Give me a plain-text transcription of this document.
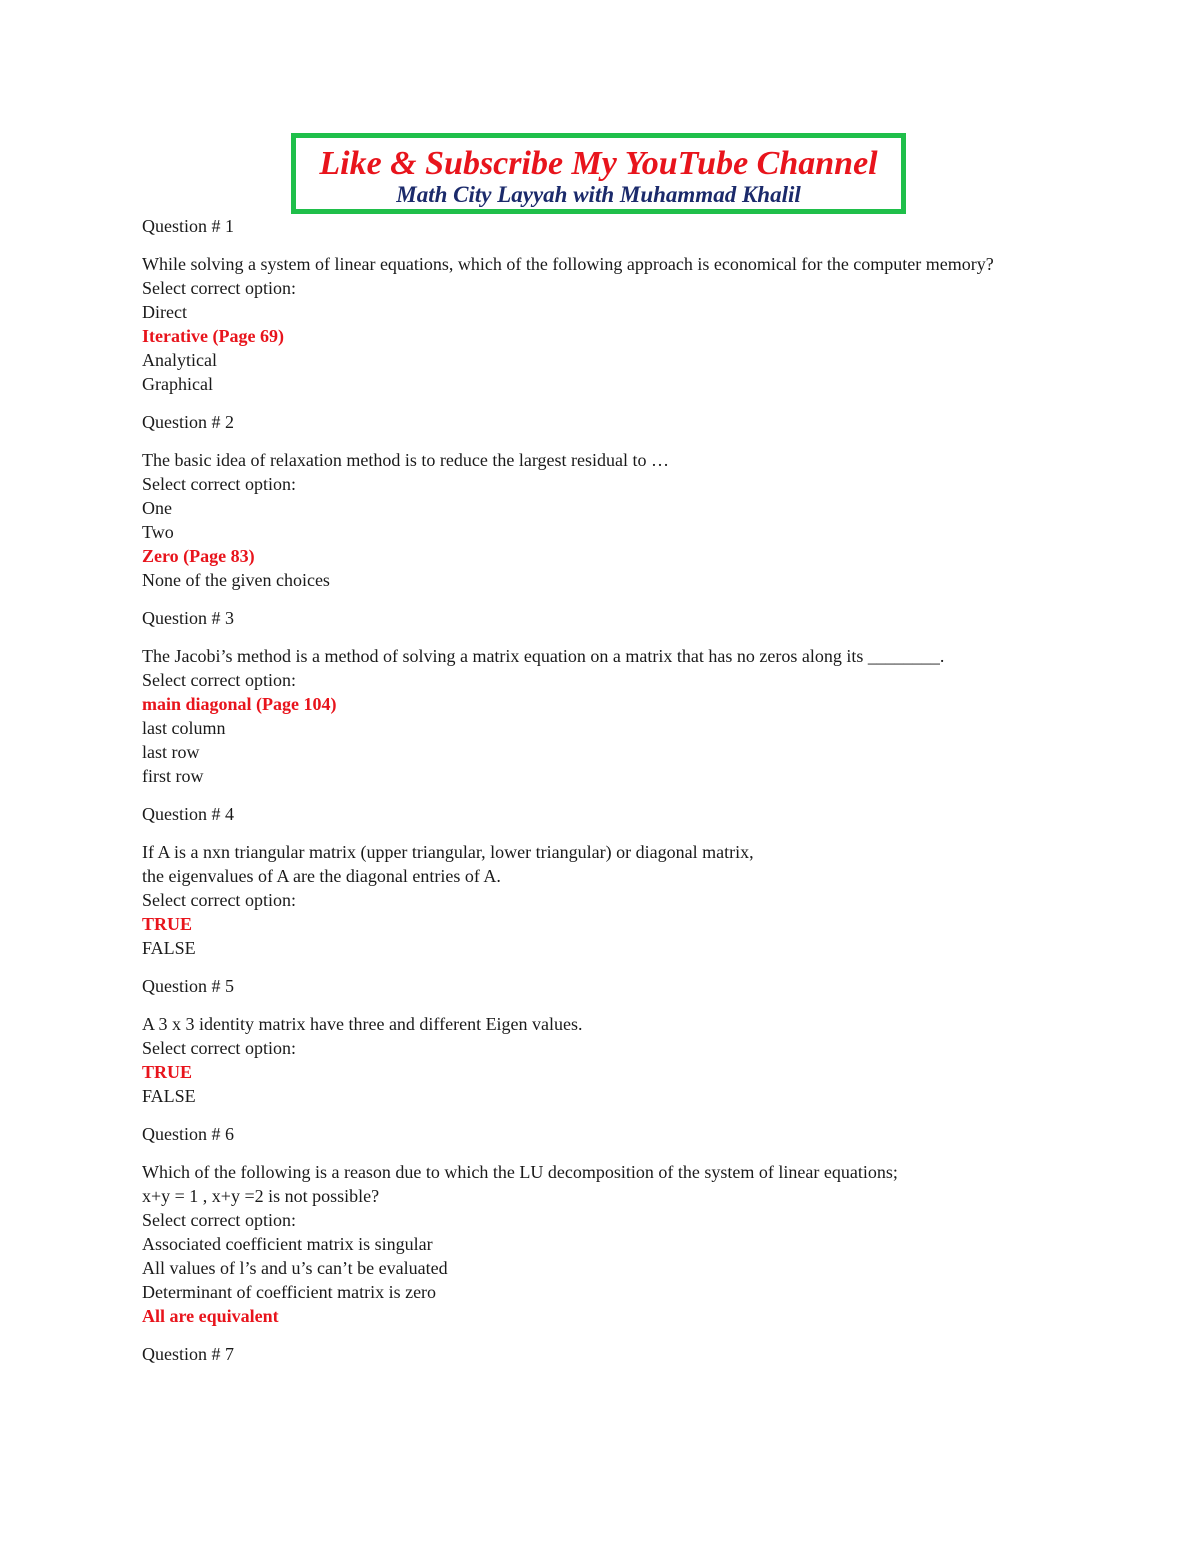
Like & Subscribe My YouTube Channel
Math City Layyah with Muhammad Khalil
Question # 1
While solving a system of linear equations, which of the following approach is economical for the computer memory?
Select correct option:
Direct
Iterative (Page 69)
Analytical
Graphical
Question # 2
The basic idea of relaxation method is to reduce the largest residual to …
Select correct option:
One
Two
Zero (Page 83)
None of the given choices
Question # 3
The Jacobi’s method is a method of solving a matrix equation on a matrix that has no zeros along its ________.
Select correct option:
main diagonal (Page 104)
last column
last row
first row
Question # 4
If A is a nxn triangular matrix (upper triangular, lower triangular) or diagonal matrix,
the eigenvalues of A are the diagonal entries of A.
Select correct option:
TRUE
FALSE
Question # 5
A 3 x 3 identity matrix have three and different Eigen values.
Select correct option:
TRUE
FALSE
Question # 6
Which of the following is a reason due to which the LU decomposition of the system of linear equations;
x+y = 1 , x+y =2 is not possible?
Select correct option:
Associated coefficient matrix is singular
All values of l’s and u’s can’t be evaluated
Determinant of coefficient matrix is zero
All are equivalent
Question # 7
